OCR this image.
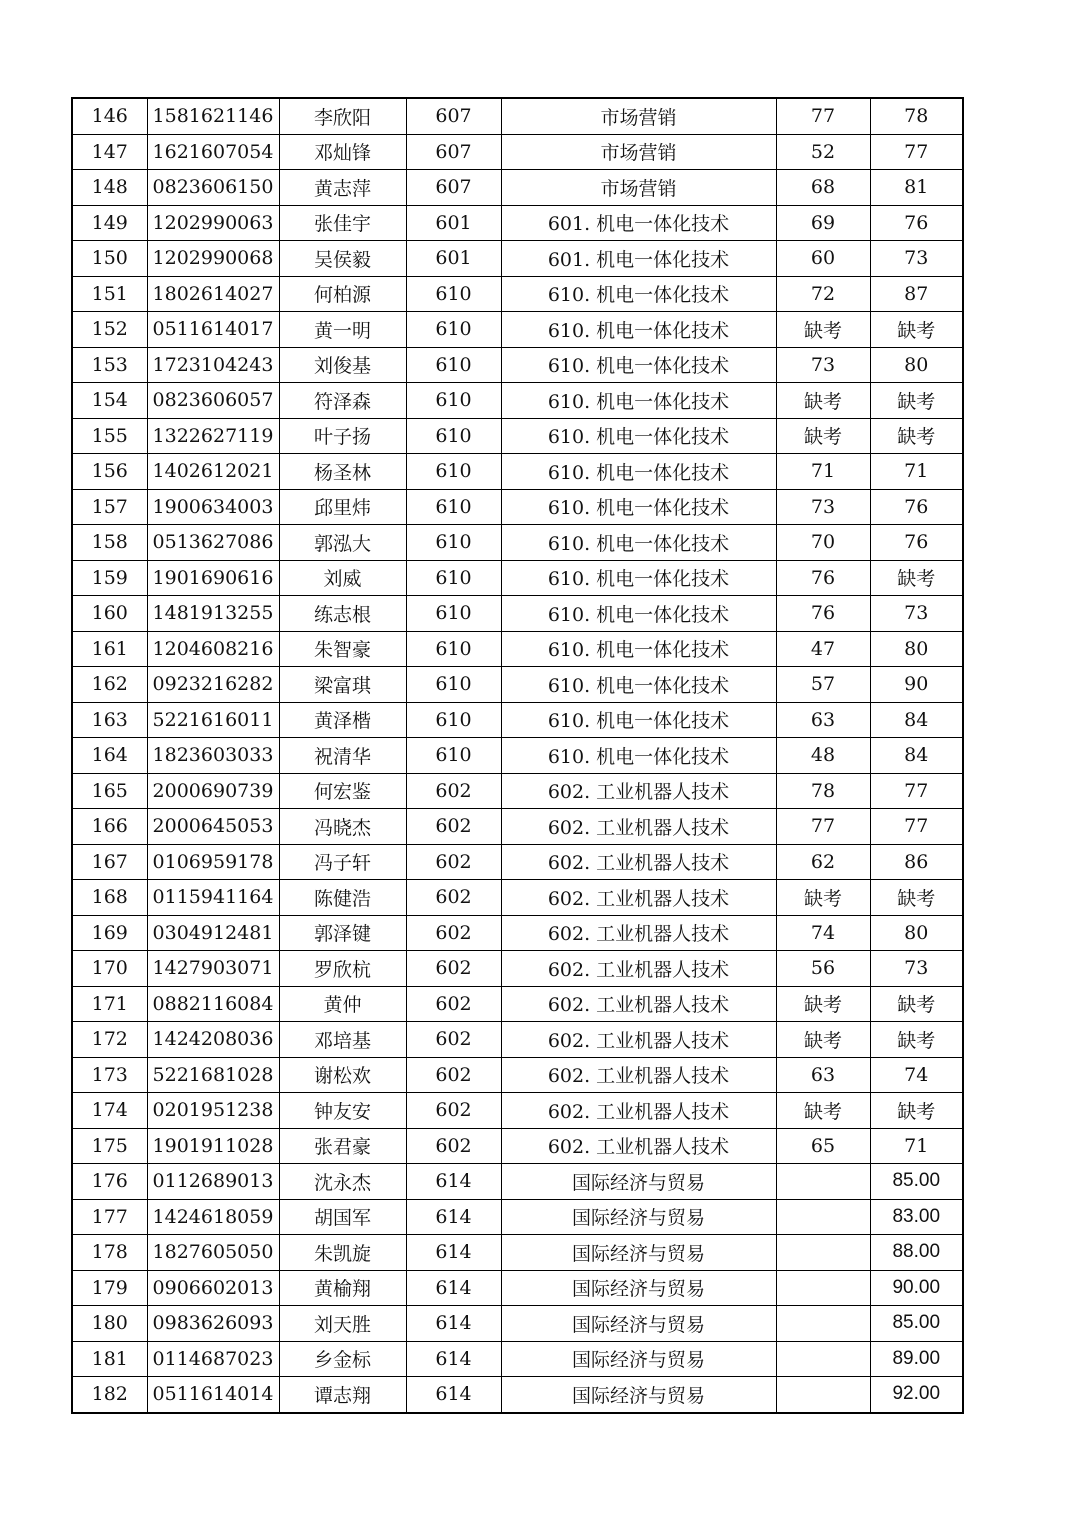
146	1581621146	李欣阳	607	市场营销	77	78
147	1621607054	邓灿锋	607	市场营销	52	77
148	0823606150	黄志萍	607	市场营销	68	81
149	1202990063	张佳宇	601	601. 机电一体化技术	69	76
150	1202990068	吴侯毅	601	601. 机电一体化技术	60	73
151	1802614027	何柏源	610	610. 机电一体化技术	72	87
152	0511614017	黄一明	610	610. 机电一体化技术	缺考	缺考
153	1723104243	刘俊基	610	610. 机电一体化技术	73	80
154	0823606057	符泽森	610	610. 机电一体化技术	缺考	缺考
155	1322627119	叶子扬	610	610. 机电一体化技术	缺考	缺考
156	1402612021	杨圣林	610	610. 机电一体化技术	71	71
157	1900634003	邱里炜	610	610. 机电一体化技术	73	76
158	0513627086	郭泓大	610	610. 机电一体化技术	70	76
159	1901690616	刘威	610	610. 机电一体化技术	76	缺考
160	1481913255	练志根	610	610. 机电一体化技术	76	73
161	1204608216	朱智豪	610	610. 机电一体化技术	47	80
162	0923216282	梁富琪	610	610. 机电一体化技术	57	90
163	5221616011	黄泽楷	610	610. 机电一体化技术	63	84
164	1823603033	祝清华	610	610. 机电一体化技术	48	84
165	2000690739	何宏鉴	602	602. 工业机器人技术	78	77
166	2000645053	冯晓杰	602	602. 工业机器人技术	77	77
167	0106959178	冯子轩	602	602. 工业机器人技术	62	86
168	0115941164	陈健浩	602	602. 工业机器人技术	缺考	缺考
169	0304912481	郭泽键	602	602. 工业机器人技术	74	80
170	1427903071	罗欣杭	602	602. 工业机器人技术	56	73
171	0882116084	黄仲	602	602. 工业机器人技术	缺考	缺考
172	1424208036	邓培基	602	602. 工业机器人技术	缺考	缺考
173	5221681028	谢松欢	602	602. 工业机器人技术	63	74
174	0201951238	钟友安	602	602. 工业机器人技术	缺考	缺考
175	1901911028	张君豪	602	602. 工业机器人技术	65	71
176	0112689013	沈永杰	614	国际经济与贸易		85.00
177	1424618059	胡国军	614	国际经济与贸易		83.00
178	1827605050	朱凯旋	614	国际经济与贸易		88.00
179	0906602013	黄榆翔	614	国际经济与贸易		90.00
180	0983626093	刘天胜	614	国际经济与贸易		85.00
181	0114687023	乡金标	614	国际经济与贸易		89.00
182	0511614014	谭志翔	614	国际经济与贸易		92.00
